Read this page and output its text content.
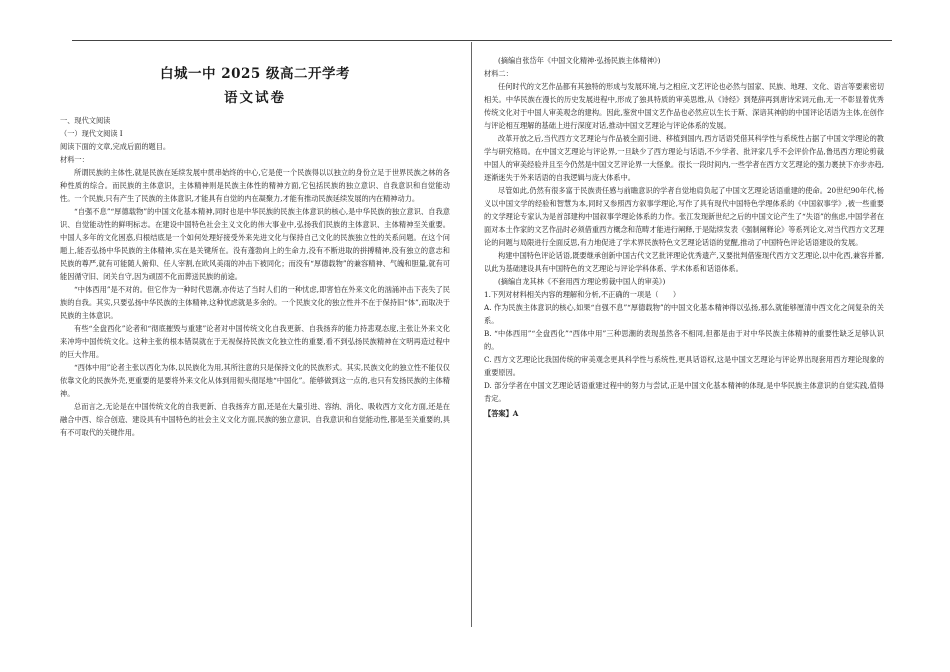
白城一中 2025 级高二开学考
语文试卷

一、现代文阅读

（一）现代文阅读 I

阅读下面的文章,完成后面的题目。

材料一：

所谓民族的主体性,就是民族在延续发展中贯串始终的中心,它是使一个民族得以以独立的身份立足于世界民族之林的各种性质的综合。而民族的主体意识，主体精神则是民族主体性的精神方面,它包括民族的独立意识、自我意识和自觉能动性。一个民族,只有产生了民族的主体意识,才能具有自觉的内在凝聚力,才能有推动民族延续发展的内在精神动力。

“自强不息”“厚德载物”的中国文化基本精神,同时也是中华民族的民族主体意识的核心,是中华民族的独立意识、自我意识、自觉能动性的鲜明标志。在建设中国特色社会主义文化的伟大事业中,弘扬我们民族的主体意识、主体精神至关重要。中国人多年的文化困惑,归根结底是一个如何处理好接受外来先进文化与保持自己文化的民族独立性的关系问题。在这个问题上,能否弘扬中华民族的主体精神,实在是关键所在。没有蓬勃向上的生命力,没有不断进取的拼搏精神,没有独立的意志和民族的尊严,就有可能随人俯仰、任人宰割,在欧风美雨的冲击下被同化；而没有“厚德载物”的兼容精神、气魄和胆量,就有可能因循守旧、闭关自守,因为顽固不化而葬送民族的前途。

“中体西用”是不对的。但它作为一种时代思潮,亦传达了当时人们的一种忧虑,即害怕在外来文化的汹涌冲击下丧失了民族的自我。其实,只要弘扬中华民族的主体精神,这种忧虑就是多余的。一个民族文化的独立性并不在于保持旧“体”,而取决于民族的主体意识。

有些“全盘西化”论者和“彻底摧毁与重建”论者对中国传统文化自我更新、自我扬弃的能力持悲观态度,主张让外来文化来冲垮中国传统文化。这种主张的根本错误就在于无视保持民族文化独立性的重要,看不到弘扬民族精神在文明再造过程中的巨大作用。

“西体中用”论者主张以西化为体,以民族化为用,其所注意的只是保持文化的民族形式。其实,民族文化的独立性不能仅仅依靠文化的民族外壳,更重要的是要将外来文化从体到用彻头彻尾地“中国化”。能够做到这一点的,也只有发扬民族的主体精神。

总而言之,无论是在中国传统文化的自我更新、自我扬弃方面,还是在大量引进、容纳、消化、吸收西方文化方面,还是在融合中西、综合创造、建设具有中国特色的社会主义文化方面,民族的独立意识、自我意识和自觉能动性,都是至关重要的,具有不可取代的关键作用。

(摘编自张岱年《中国文化精神·弘扬民族主体精神》)

材料二：

任何时代的文艺作品都有其独特的形成与发展环境,与之相应,文艺评论也必然与国家、民族、地理、文化、语言等要素密切相关。中华民族在漫长的历史发展进程中,形成了独具特质的审美思维,从《诗经》到楚辞再到唐诗宋词元曲,无一不彰显着优秀传统文化对于中国人审美观念的建构。因此,鉴赏中国文艺作品也必然应以生长于斯、深谙其神韵的中国评论话语为主体,在创作与评论相互理解的基础上进行深度对话,推动中国文艺理论与评论体系的发展。

改革开放之后,当代西方文艺理论与作品被全面引进、移植到国内,西方话语凭借其科学性与系统性占据了中国文学理论的教学与研究格局。在中国文艺理论与评论界,一旦缺少了西方理论与话语,不少学者、批评家几乎不会评价作品,鲁迅西方理论剪裁中国人的审美经验并且至今仍然是中国文艺评论界一大怪象。很长一段时间内,一些学者在西方文艺理论的强力裹挟下亦步亦趋,逐渐迷失于外来话语的自我逻辑与庞大体系中。

尽管如此,仍然有很多富于民族责任感与前瞻意识的学者自觉地肩负起了中国文艺理论话语重建的使命。20世纪90年代,杨义以中国文学的经验和智慧为本,同时又参照西方叙事学理论,写作了具有现代中国特色学理体系的《中国叙事学》,被一些重要的文学理论专家认为是首部建构中国叙事学理论体系的力作。张江发现新世纪之后的中国文论产生了“失语”的焦虑,中国学者在面对本土作家的文艺作品时必须借重西方概念和范畴才能进行阐释,于是陆续发表《强制阐释论》等系列论文,对当代西方文艺理论的问题与局限进行全面反思,有力地促进了学术界民族特色文艺理论话语的觉醒,推动了中国特色评论话语建设的发展。

构建中国特色评论话语,既要继承创新中国古代文艺批评理论优秀遗产,又要批判借鉴现代西方文艺理论,以中化西,兼容并蓄,以此为基础建设具有中国特色的文艺理论与评论学科体系、学术体系和话语体系。

(摘编自龙其林《不套用西方理论剪裁中国人的审美》)

1.下列对材料相关内容的理解和分析,不正确的一项是（　　）

A. 作为民族主体意识的核心,如果“自强不息”“厚德载物”的中国文化基本精神得以弘扬,那么就能够厘清中西文化之间复杂的关系。

B. “中体西用”“全盘西化”“西体中用”三种思潮的表现虽然各不相同,但都是由于对中华民族主体精神的重要性缺乏足够认识的。

C. 西方文艺理论比我国传统的审美观念更具科学性与系统性,更具话语权,这是中国文艺理论与评论界出现套用西方理论现象的重要原因。

D. 部分学者在中国文艺理论话语重建过程中的努力与尝试,正是中国文化基本精神的体现,是中华民族主体意识的自觉实践,值得肯定。

【答案】A
